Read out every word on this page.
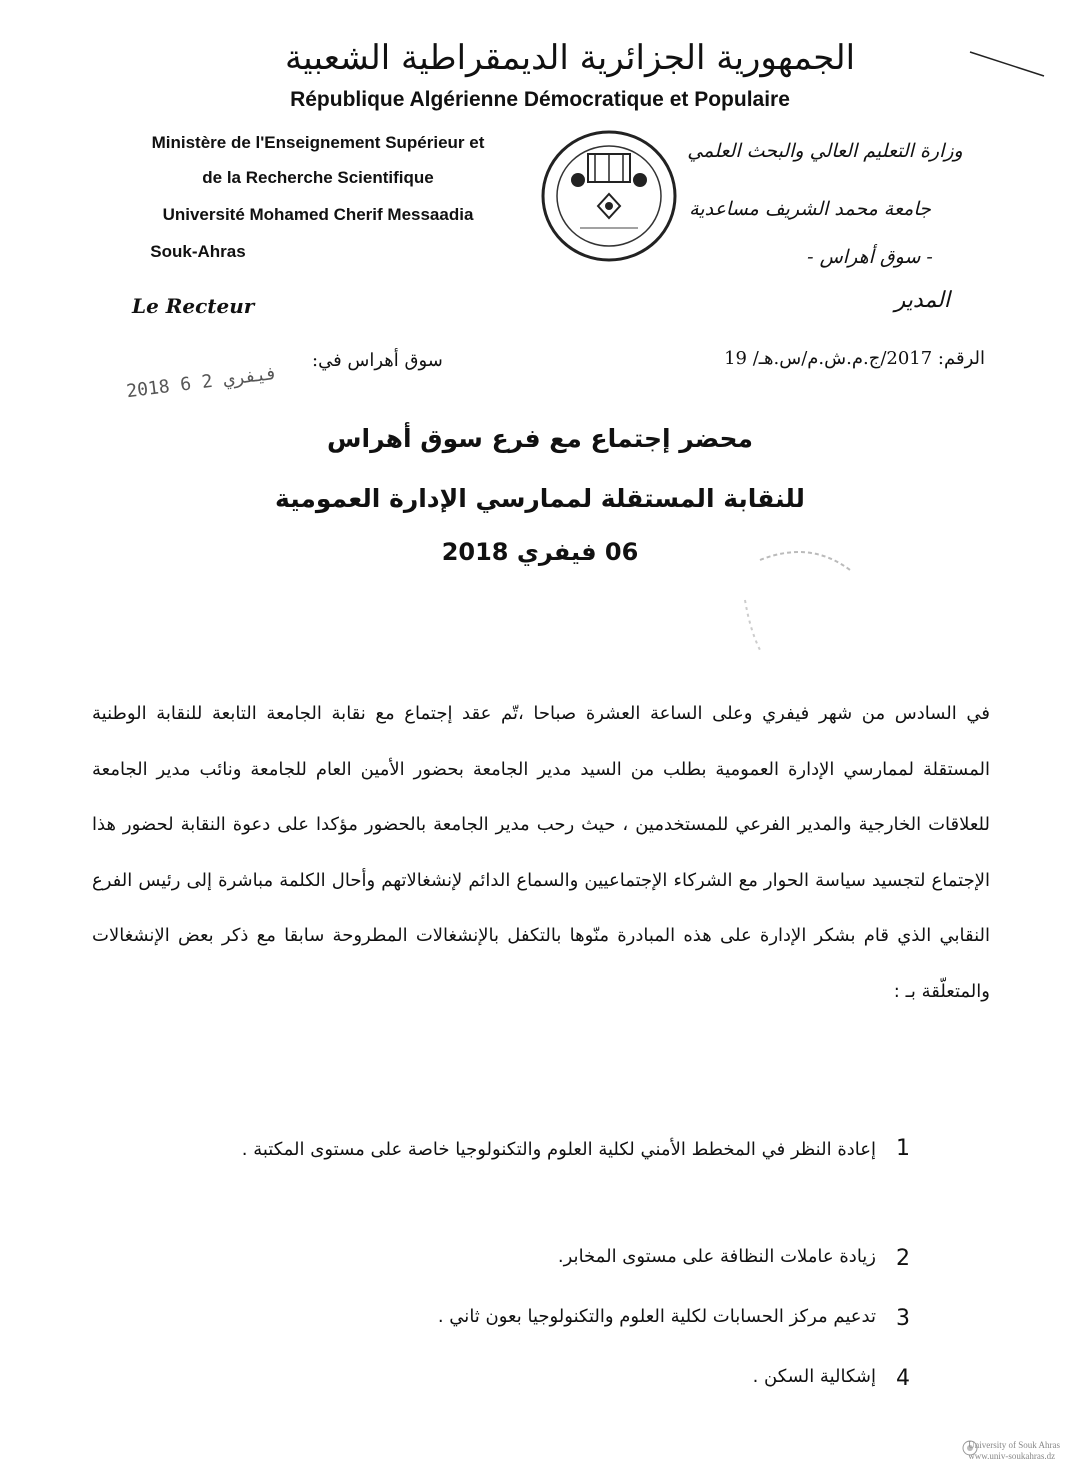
الجمهورية الجزائرية الديمقراطية الشعبية
République Algérienne Démocratique et Populaire
Ministère de l'Enseignement Supérieur et
de la Recherche Scientifique
Université Mohamed Cherif Messaadia
Souk-Ahras
وزارة التعليم العالي والبحث العلمي
جامعة محمد الشريف مساعدية
- سوق أهراس -
Le Recteur	المدير
الرقم: 2017/ج.م.ش.م/س.هـ/ 19
سوق أهراس في:
2018 فيفري 2 6
محضر إجتماع مع فرع سوق أهراس
للنقابة المستقلة لممارسي الإدارة العمومية
06 فيفري 2018
في السادس من شهر فيفري وعلى الساعة العشرة صباحا ،تّم عقد إجتماع مع نقابة الجامعة التابعة للنقابة الوطنية المستقلة لممارسي الإدارة العمومية بطلب من السيد مدير الجامعة بحضور الأمين العام للجامعة ونائب مدير الجامعة للعلاقات الخارجية والمدير الفرعي للمستخدمين ، حيث رحب مدير الجامعة بالحضور مؤكدا على دعوة النقابة لحضور هذا الإجتماع لتجسيد سياسة الحوار مع الشركاء الإجتماعيين والسماع الدائم لإنشغالاتهم وأحال الكلمة مباشرة إلى رئيس الفرع النقابي الذي قام بشكر الإدارة على هذه المبادرة منّوها بالتكفل بالإنشغالات المطروحة سابقا مع ذكر بعض الإنشغالات والمتعلّقة بـ :
1
إعادة النظر في المخطط الأمني لكلية العلوم والتكنولوجيا خاصة على مستوى المكتبة .
2
زيادة عاملات النظافة على مستوى المخابر.
3
تدعيم مركز الحسابات لكلية العلوم والتكنولوجيا بعون ثاني .
4
إشكالية السكن .
University of Souk Ahras
www.univ-soukahras.dz
